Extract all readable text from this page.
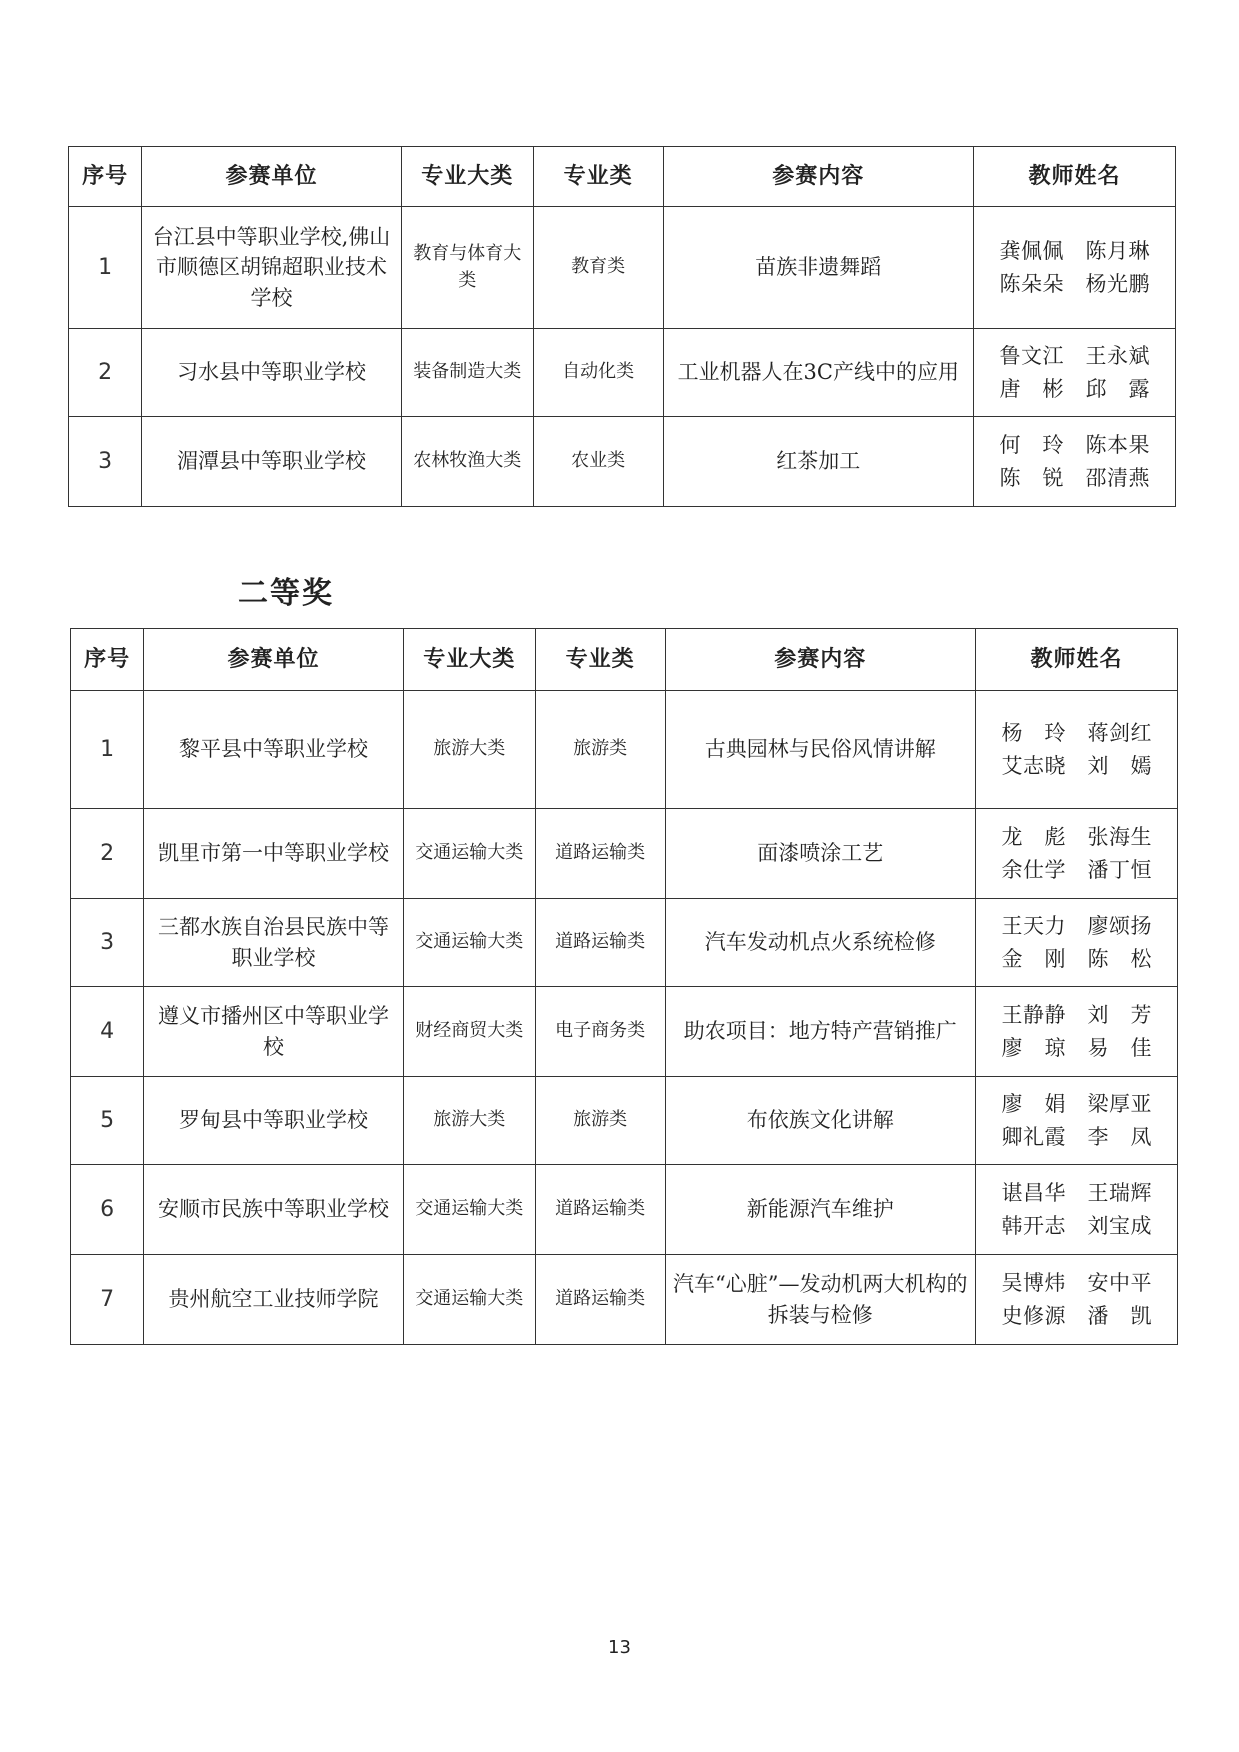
序号	参赛单位	专业大类	专业类	参赛内容	教师姓名
1	台江县中等职业学校,佛山市顺德区胡锦超职业技术学校	教育与体育大类	教育类	苗族非遗舞蹈	龚佩佩 陈月琳
陈朵朵 杨光鹏

2	习水县中等职业学校	装备制造大类	自动化类	工业机器人在3C产线中的应用	鲁文江 王永斌
唐彬 邱露

3	湄潭县中等职业学校	农林牧渔大类	农业类	红茶加工	何玲 陈本果
陈锐 邵清燕
二等奖
序号	参赛单位	专业大类	专业类	参赛内容	教师姓名
1	黎平县中等职业学校	旅游大类	旅游类	古典园林与民俗风情讲解	杨玲 蒋剑红
艾志晓 刘嫣

2	凯里市第一中等职业学校	交通运输大类	道路运输类	面漆喷涂工艺	龙彪 张海生
余仕学 潘丁恒

3	三都水族自治县民族中等职业学校	交通运输大类	道路运输类	汽车发动机点火系统检修	王天力 廖颂扬
金刚 陈松

4	遵义市播州区中等职业学校	财经商贸大类	电子商务类	助农项目：地方特产营销推广	王静静 刘芳
廖琼 易佳

5	罗甸县中等职业学校	旅游大类	旅游类	布依族文化讲解	廖娟 梁厚亚
卿礼霞 李凤

6	安顺市民族中等职业学校	交通运输大类	道路运输类	新能源汽车维护	谌昌华 王瑞辉
韩开志 刘宝成

7	贵州航空工业技师学院	交通运输大类	道路运输类	汽车“心脏”—发动机两大机构的拆装与检修	吴博炜 安中平
史修源 潘凯
13
